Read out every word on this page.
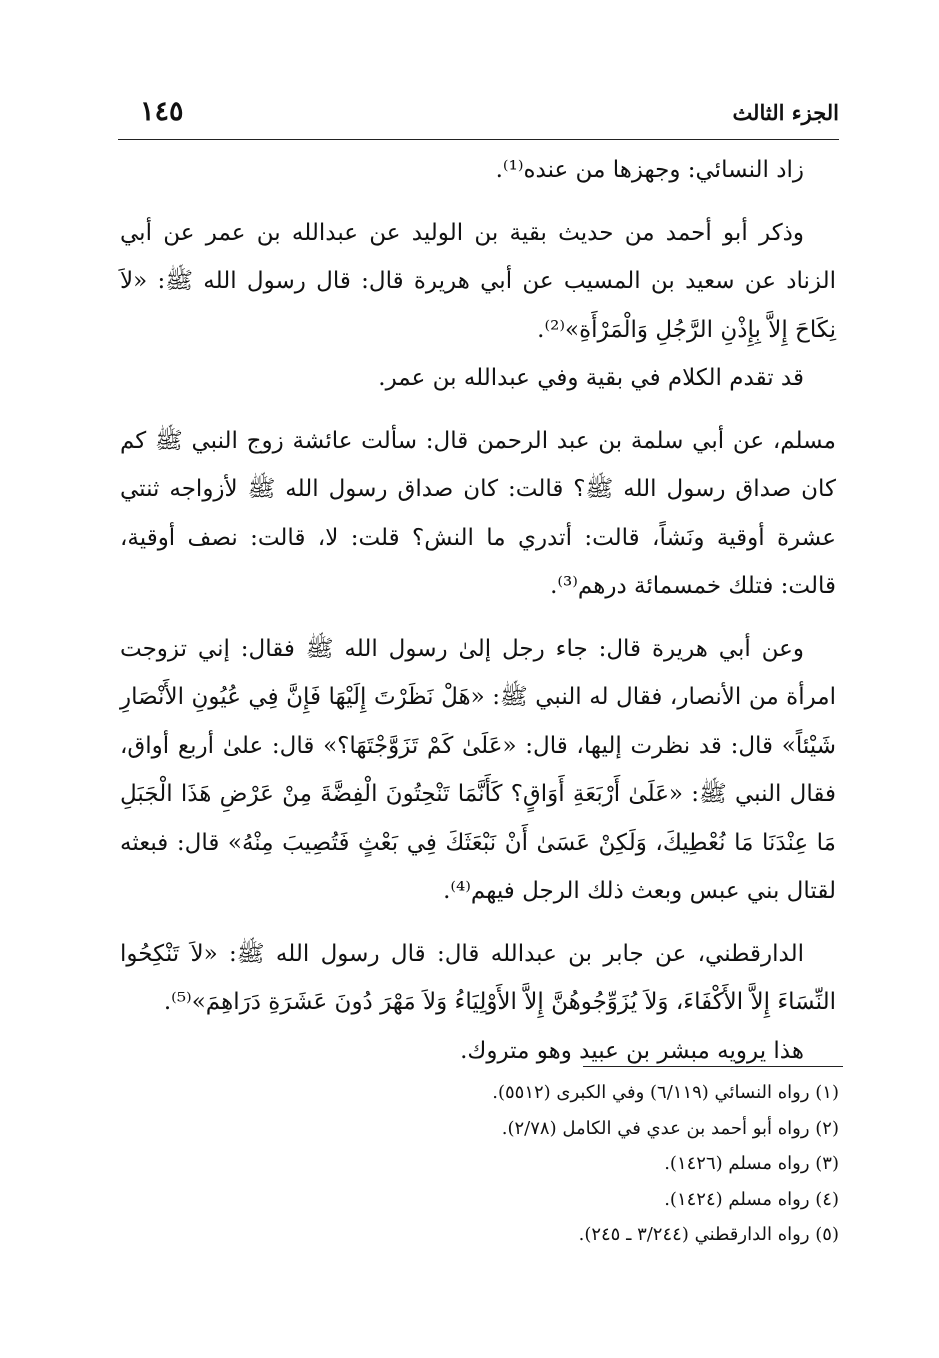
الجزء الثالث
١٤٥

زاد النسائي: وجهزها من عنده⁽¹⁾.

وذكر أبو أحمد من حديث بقية بن الوليد عن عبدالله بن عمر عن أبي الزناد عن سعيد بن المسيب عن أبي هريرة قال: قال رسول الله ﷺ: «لاَ نِكَاحَ إِلاَّ بِإِذْنِ الرَّجُلِ وَالْمَرْأَةِ»⁽²⁾.

قد تقدم الكلام في بقية وفي عبدالله بن عمر.

مسلم، عن أبي سلمة بن عبد الرحمن قال: سألت عائشة زوج النبي ﷺ كم كان صداق رسول الله ﷺ؟ قالت: كان صداق رسول الله ﷺ لأزواجه ثنتي عشرة أوقية ونَشاً، قالت: أتدري ما النش؟ قلت: لا، قالت: نصف أوقية، قالت: فتلك خمسمائة درهم⁽³⁾.

وعن أبي هريرة قال: جاء رجل إلىٰ رسول الله ﷺ فقال: إني تزوجت امرأة من الأنصار، فقال له النبي ﷺ: «هَلْ نَظَرْتَ إِلَيْهَا فَإِنَّ فِي عُيُونِ الأَنْصَارِ شَيْئاً» قال: قد نظرت إليها، قال: «عَلَىٰ كَمْ تَزَوَّجْتَهَا؟» قال: علىٰ أربع أواق، فقال النبي ﷺ: «عَلَىٰ أَرْبَعَةِ أَوَاقٍ؟ كَأَنَّمَا تَنْحِتُونَ الْفِضَّةَ مِنْ عَرْضِ هَذَا الْجَبَلِ مَا عِنْدَنَا مَا نُعْطِيكَ، وَلَكِنْ عَسَىٰ أَنْ نَبْعَثَكَ فِي بَعْثٍ فَتُصِيبَ مِنْهُ» قال: فبعثه لقتال بني عبس وبعث ذلك الرجل فيهم⁽⁴⁾.

الدارقطني، عن جابر بن عبدالله قال: قال رسول الله ﷺ: «لاَ تَنْكِحُوا النِّسَاءَ إِلاَّ الأَكْفَاءَ، وَلاَ يُزَوِّجُوهُنَّ إِلاَّ الأَوْلِيَاءُ وَلاَ مَهْرَ دُونَ عَشَرَةِ دَرَاهِمَ»⁽⁵⁾.

هذا يرويه مبشر بن عبيد وهو متروك.

(١) رواه النسائي (٦/١١٩) وفي الكبرى (٥٥١٢).
(٢) رواه أبو أحمد بن عدي في الكامل (٢/٧٨).
(٣) رواه مسلم (١٤٢٦).
(٤) رواه مسلم (١٤٢٤).
(٥) رواه الدارقطني (٣/٢٤٤ ـ ٢٤٥).
